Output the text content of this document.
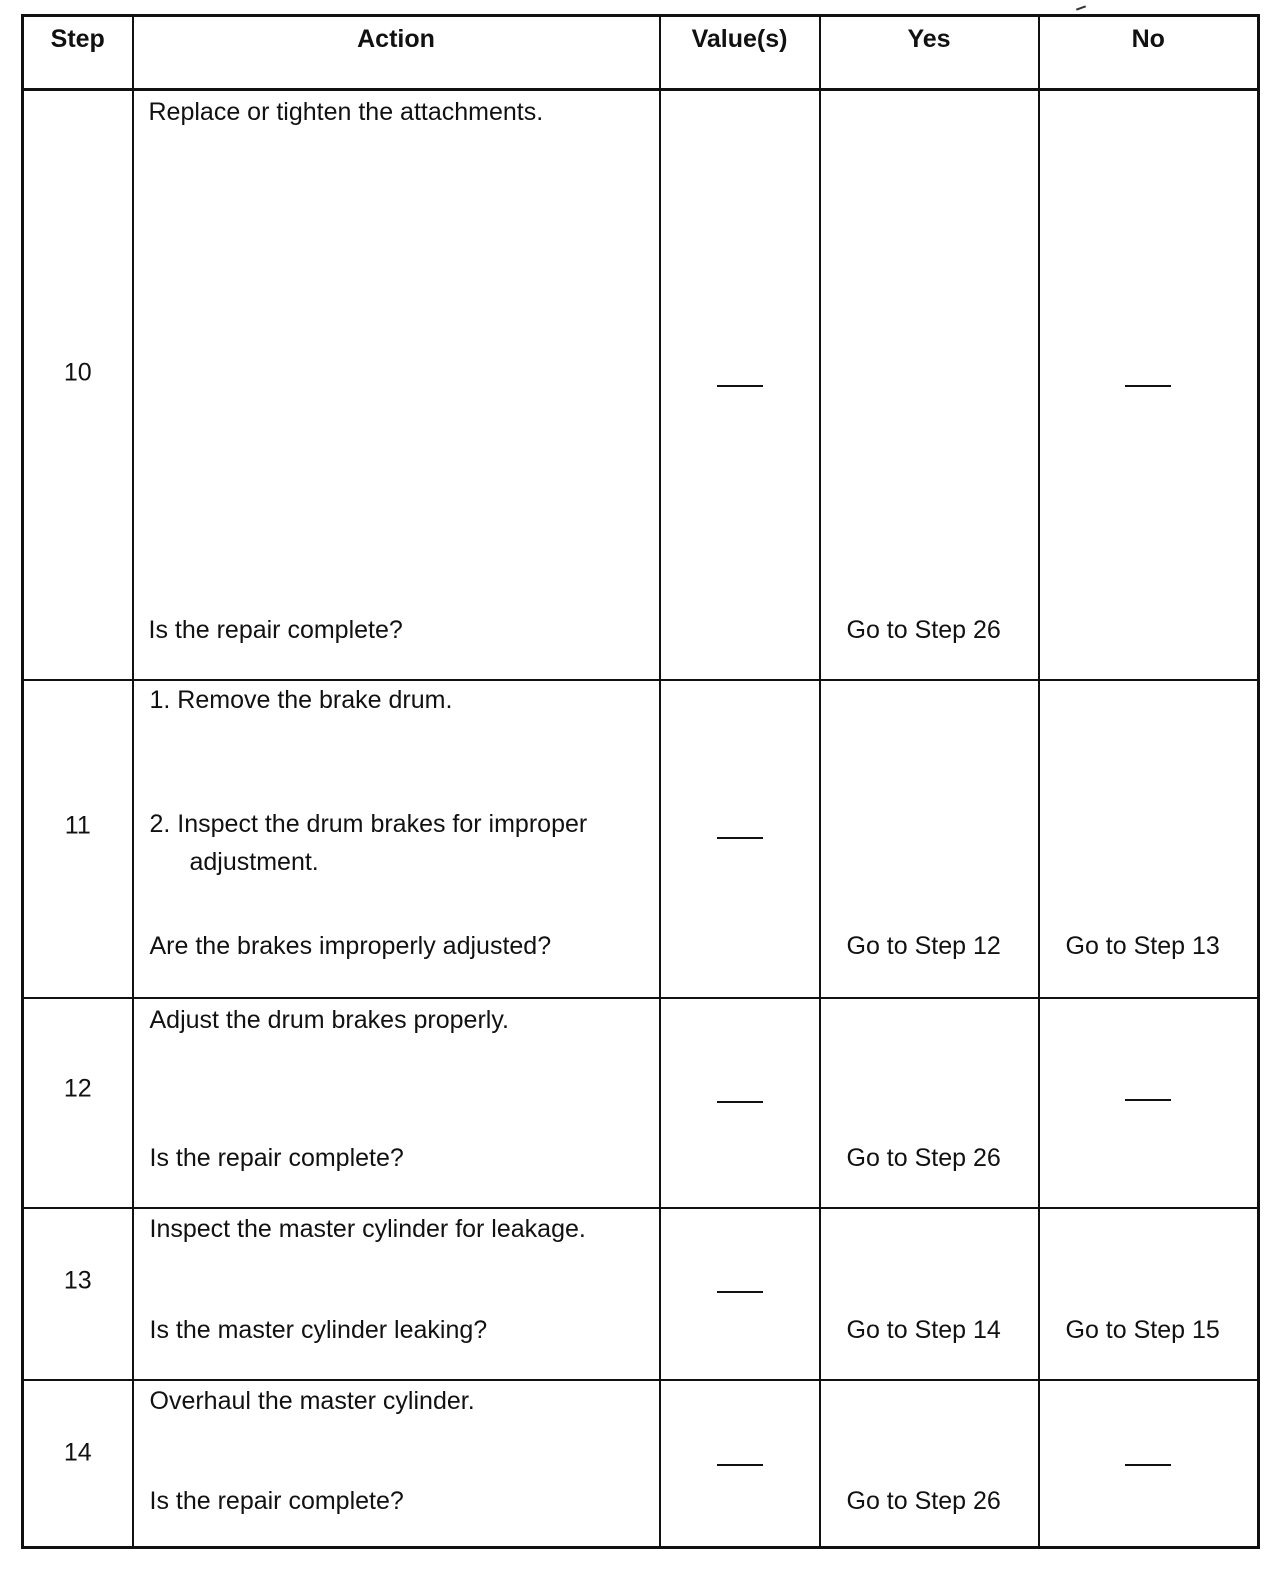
Step	Action	Value(s)	Yes	No

10	Replace or tighten the attachments.
Is the repair complete?		Go to Step 26	

11	1. Remove the brake drum.
2. Inspect the drum brakes for improper
adjustment.
Are the brakes improperly adjusted?		Go to Step 12	Go to Step 13

12	Adjust the drum brakes properly.
Is the repair complete?		Go to Step 26	

13	Inspect the master cylinder for leakage.
Is the master cylinder leaking?		Go to Step 14	Go to Step 15

14	Overhaul the master cylinder.
Is the repair complete?		Go to Step 26	
